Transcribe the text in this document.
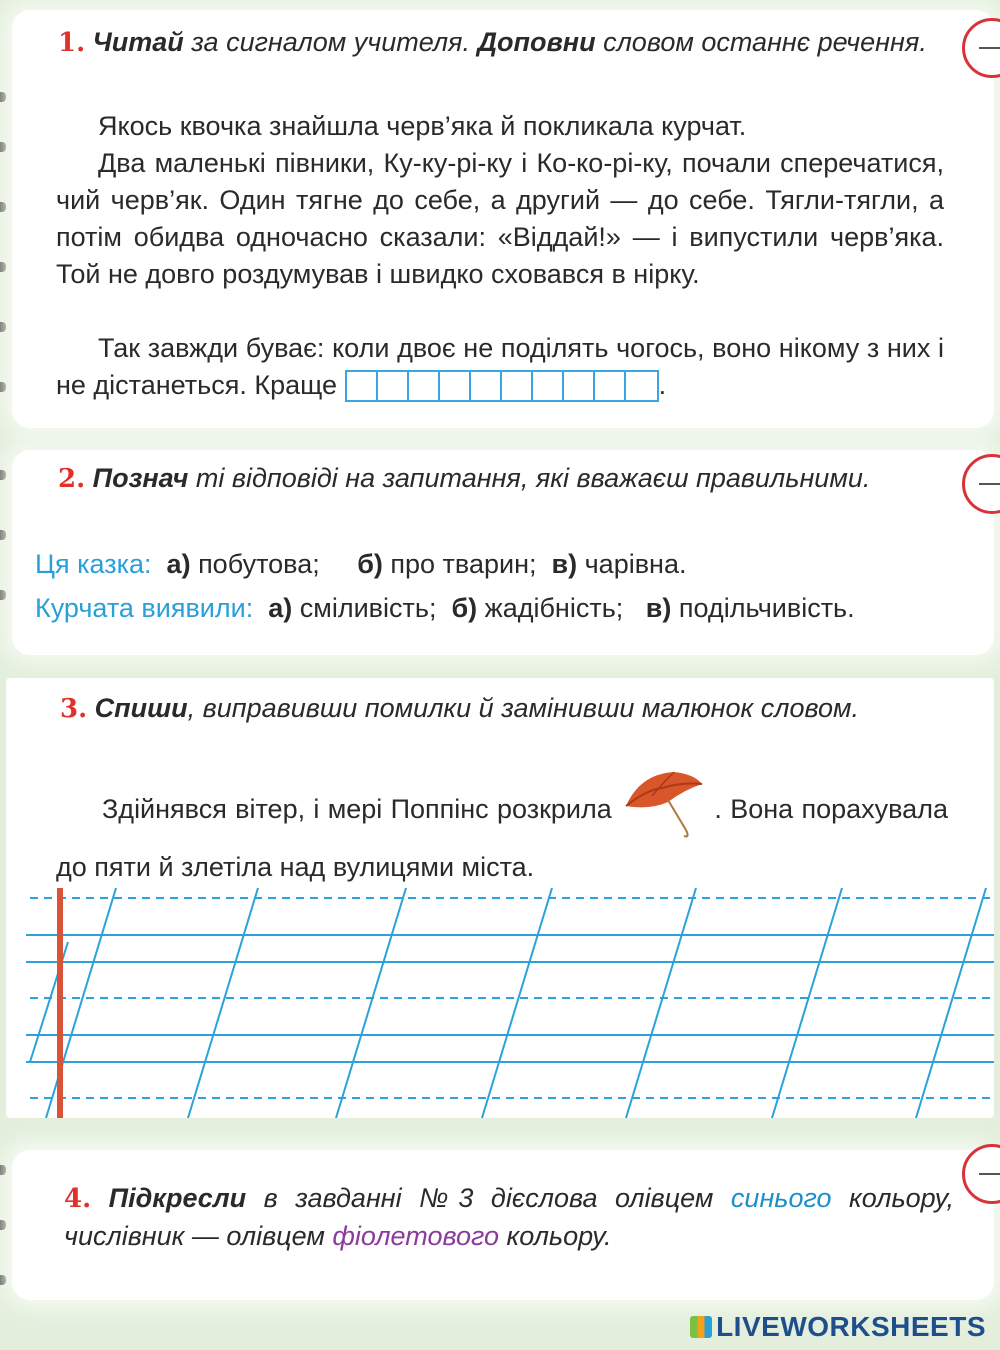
1. Читай за сигналом учителя. Доповни словом останнє речення.
Якось квочка знайшла черв’яка й покликала курчат.
Два маленькі півники, Ку-ку-рі-ку і Ко-ко-рі-ку, почали сперечатися, чий черв’як. Один тягне до себе, а другий — до себе. Тягли-тягли, а потім обидва одночасно сказали: «Віддай!» — і випустили черв’яка. Той не довго роздумував і швидко сховався в нірку.
Так завжди буває: коли двоє не поділять чогось, воно нікому з них і не дістанеться. Краще	.
2. Познач ті відповіді на запитання, які вважаєш правильними.
Ця казка: а) побутова; б) про тварин; в) чарівна.
Курчата виявили: а) сміливість; б) жадібність; в) подільчивість.
3. Спиши, виправивши помилки й замінивши малюнок словом.
Здійнявся вітер, і мері Поппінс розкрила	. Вона порахувала до пяти й злетіла над вулицями міста.
4. Підкресли в завданні №3 дієслова олівцем синього кольору, числівник — олівцем фіолетового кольору.
LIVEWORKSHEETS
